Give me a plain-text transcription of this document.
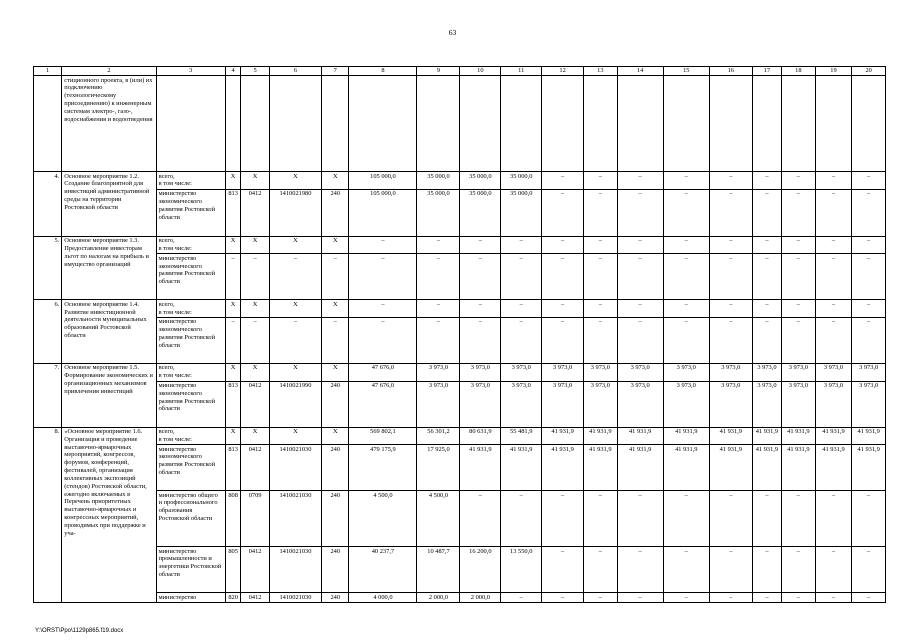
63
1	2	3	4	5	6	7	8	9	10	11	12	13	14	15	16	17	18	19	20
	стиционного проекта, в (или) их подключению (технологическому присоединению) к инженерным системам электро-, газо-, водоснабжения и водоотведения																		
4.	Основное мероприятие 1.2. Создание благоприятной для инвестиций административной среды на территории Ростовской области	всего,
в том числе:	X	X	X	X	105 000,0	35 000,0	35 000,0	35 000,0	–	–	–	–	–	–	–	–	–
		министерство экономического развития Ростовской области	813	0412	1410021980	240	105 000,0	35 000,0	35 000,0	35 000,0	–	–	–	–	–	–	–	–	–
5.	Основное мероприятие 1.3. Предоставление инвесторам льгот по налогам на прибыль и имущество организаций	всего,
в том числе:	X	X	X	X	–	–	–	–	–	–	–	–	–	–	–	–	–
		министерство экономического развития Ростовской области	–	–	–	–	–	–	–	–	–	–	–	–	–	–	–	–	–
6.	Основное мероприятие 1.4. Развитие инвестиционной деятельности муниципальных образований Ростовской области	всего,
в том числе:	X	X	X	X	–	–	–	–	–	–	–	–	–	–	–	–	–
		министерство экономического развития Ростовской области	–	–	–	–	–	–	–	–	–	–	–	–	–	–	–	–	–
7.	Основное мероприятие 1.5. Формирование экономических и организационных механизмов привлечения инвестиций	всего,
в том числе:	X	X	X	X	47 676,0	3 973,0	3 973,0	3 973,0	3 973,0	3 973,0	3 973,0	3 973,0	3 973,0	3 973,0	3 973,0	3 973,0	3 973,0
		министерство экономического развития Ростовской области	813	0412	1410021990	240	47 676,0	3 973,0	3 973,0	3 973,0	3 973,0	3 973,0	3 973,0	3 973,0	3 973,0	3 973,0	3 973,0	3 973,0	3 973,0
8.	«Основное мероприятие 1.6. Организация и проведение выставочно-ярмарочных мероприятий, конгрессов, форумов, конференций, фестивалей, организация коллективных экспозиций (стендов) Ростовской области, ежегодно включаемых в Перечень приоритетных выставочно-ярмарочных и конгрессных мероприятий, проводимых при поддержке и уча-	всего,
в том числе:	X	X	X	X	569 802,1	56 301,2	80 631,9	55 481,9	41 931,9	41 931,9	41 931,9	41 931,9	41 931,9	41 931,9	41 931,9	41 931,9	41 931,9
		министерство экономического развития Ростовской области	813	0412	1410021030	240	479 175,9	17 925,0	41 931,9	41 931,9	41 931,9	41 931,9	41 931,9	41 931,9	41 931,9	41 931,9	41 931,9	41 931,9	41 931,9
		министерство общего и профессионального образования Ростовской области	808	0709	1410021030	240	4 500,0	4 500,0	–	–	–	–	–	–	–	–	–	–	–
		министерство промышленности и энергетики Ростовской области	805	0412	1410021030	240	40 237,7	10 487,7	16 200,0	13 550,0	–	–	–	–	–	–	–	–	–
		министерство	820	0412	1410021030	240	4 000,0	2 000,0	2 000,0	–	–	–	–	–	–	–	–	–	–
Y:\ORST\Ppo\1129p865.f19.docx
